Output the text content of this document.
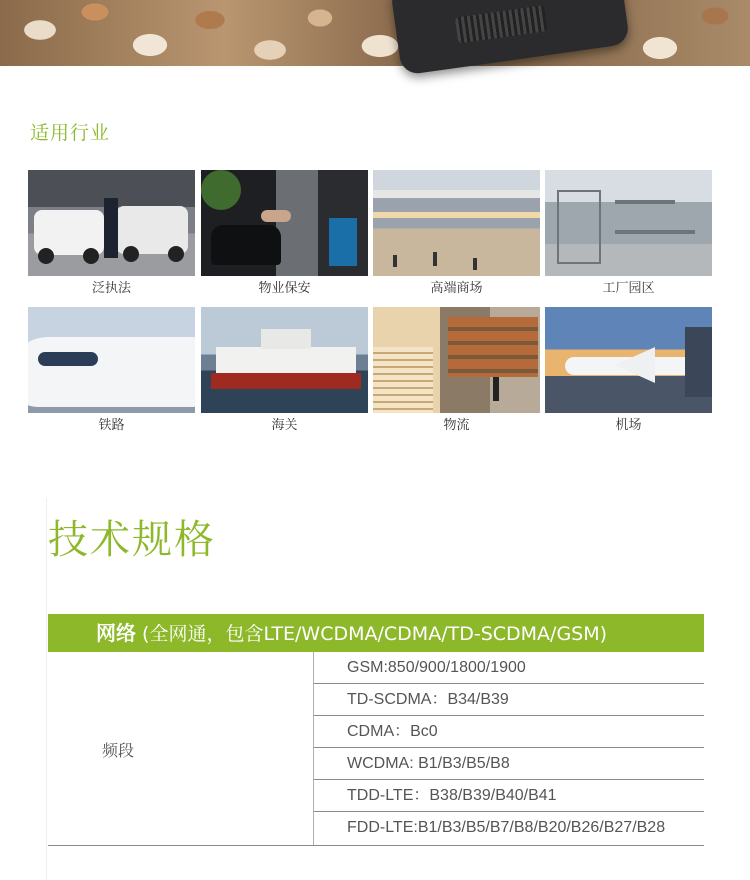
适用行业
泛执法	物业保安	高端商场	工厂园区
铁路	海关	物流	机场
技术规格
网络 (全网通，包含LTE/WCDMA/CDMA/TD-SCDMA/GSM)
频段
GSM:850/900/1800/1900
TD-SCDMA：B34/B39
CDMA：Bc0
WCDMA: B1/B3/B5/B8
TDD-LTE：B38/B39/B40/B41
FDD-LTE:B1/B3/B5/B7/B8/B20/B26/B27/B28
